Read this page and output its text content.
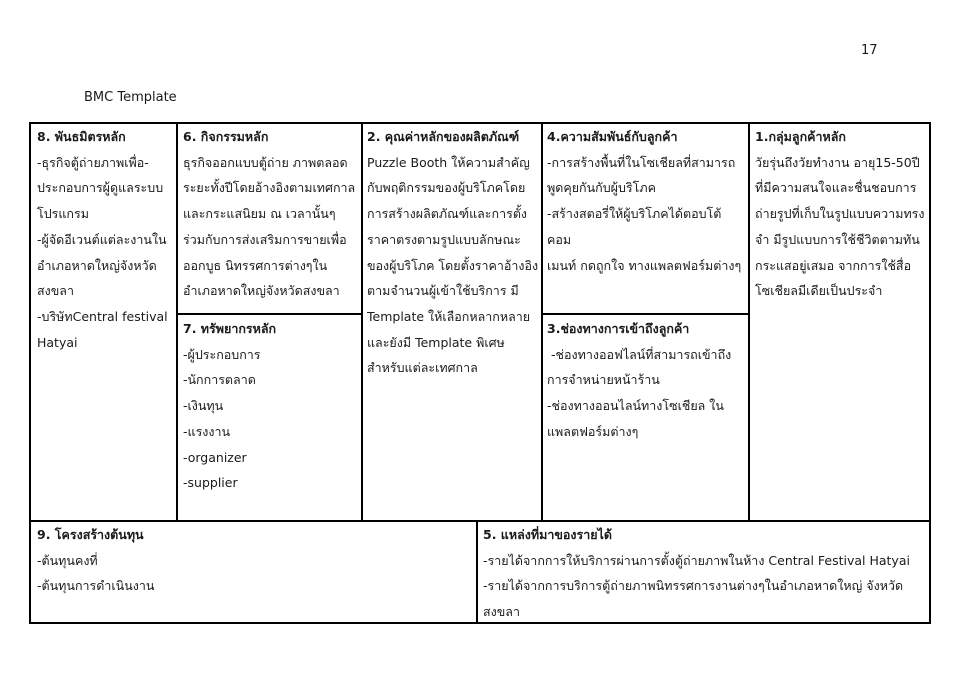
17
BMC Template

8. พันธมิตรหลัก

-ธุรกิจตู้ถ่ายภาพเพื่อ-

ประกอบการผู้ดูแลระบบ

โปรแกรม

-ผู้จัดอีเวนต์แต่ละงานใน

อำเภอหาดใหญ่จังหวัด

สงขลา

-บริษัทCentral festival

Hatyai

6. กิจกรรมหลัก

ธุรกิจออกแบบตู้ถ่าย ภาพตลอด

ระยะทั้งปีโดยอ้างอิงตามเทศกาล

และกระแสนิยม ณ เวลานั้นๆ

ร่วมกับการส่งเสริมการขายเพื่อ

ออกบูธ นิทรรศการต่างๆใน

อำเภอหาดใหญ่จังหวัดสงขลา

7. ทรัพยากรหลัก

-ผู้ประกอบการ

-นักการตลาด

-เงินทุน

-แรงงาน

-organizer

-supplier

2. คุณค่าหลักของผลิตภัณฑ์

Puzzle Booth ให้ความสำคัญ

กับพฤติกรรมของผู้บริโภคโดย

การสร้างผลิตภัณฑ์และการตั้ง

ราคาตรงตามรูปแบบลักษณะ

ของผู้บริโภค โดยตั้งราคาอ้างอิง

ตามจำนวนผู้เข้าใช้บริการ มี

Template ให้เลือกหลากหลาย

และยังมี Template พิเศษ

สำหรับแต่ละเทศกาล

4.ความสัมพันธ์กับลูกค้า

-การสร้างพื้นที่ในโซเชียลที่สามารถ

พูดคุยกันกับผู้บริโภค

-สร้างสตอรี่ให้ผู้บริโภคได้ตอบโต้ คอม

เมนท์ กดถูกใจ ทางแพลตฟอร์มต่างๆ

3.ช่องทางการเข้าถึงลูกค้า

-ช่องทางออฟไลน์ที่สามารถเข้าถึง

การจำหน่ายหน้าร้าน

-ช่องทางออนไลน์ทางโซเชียล ใน

แพลตฟอร์มต่างๆ

1.กลุ่มลูกค้าหลัก

วัยรุ่นถึงวัยทำงาน อายุ15-50ปี

ที่มีความสนใจและชื่นชอบการ

ถ่ายรูปที่เก็บในรูปแบบความทรง

จำ มีรูปแบบการใช้ชีวิตตามทัน

กระแสอยู่เสมอ จากการใช้สื่อ

โซเชียลมีเดียเป็นประจำ

9. โครงสร้างต้นทุน

-ต้นทุนคงที่

-ต้นทุนการดำเนินงาน

5. แหล่งที่มาของรายได้

-รายได้จากการให้บริการผ่านการตั้งตู้ถ่ายภาพในห้าง Central Festival Hatyai

-รายได้จากการบริการตู้ถ่ายภาพนิทรรศการงานต่างๆในอำเภอหาดใหญ่ จังหวัดสงขลา
